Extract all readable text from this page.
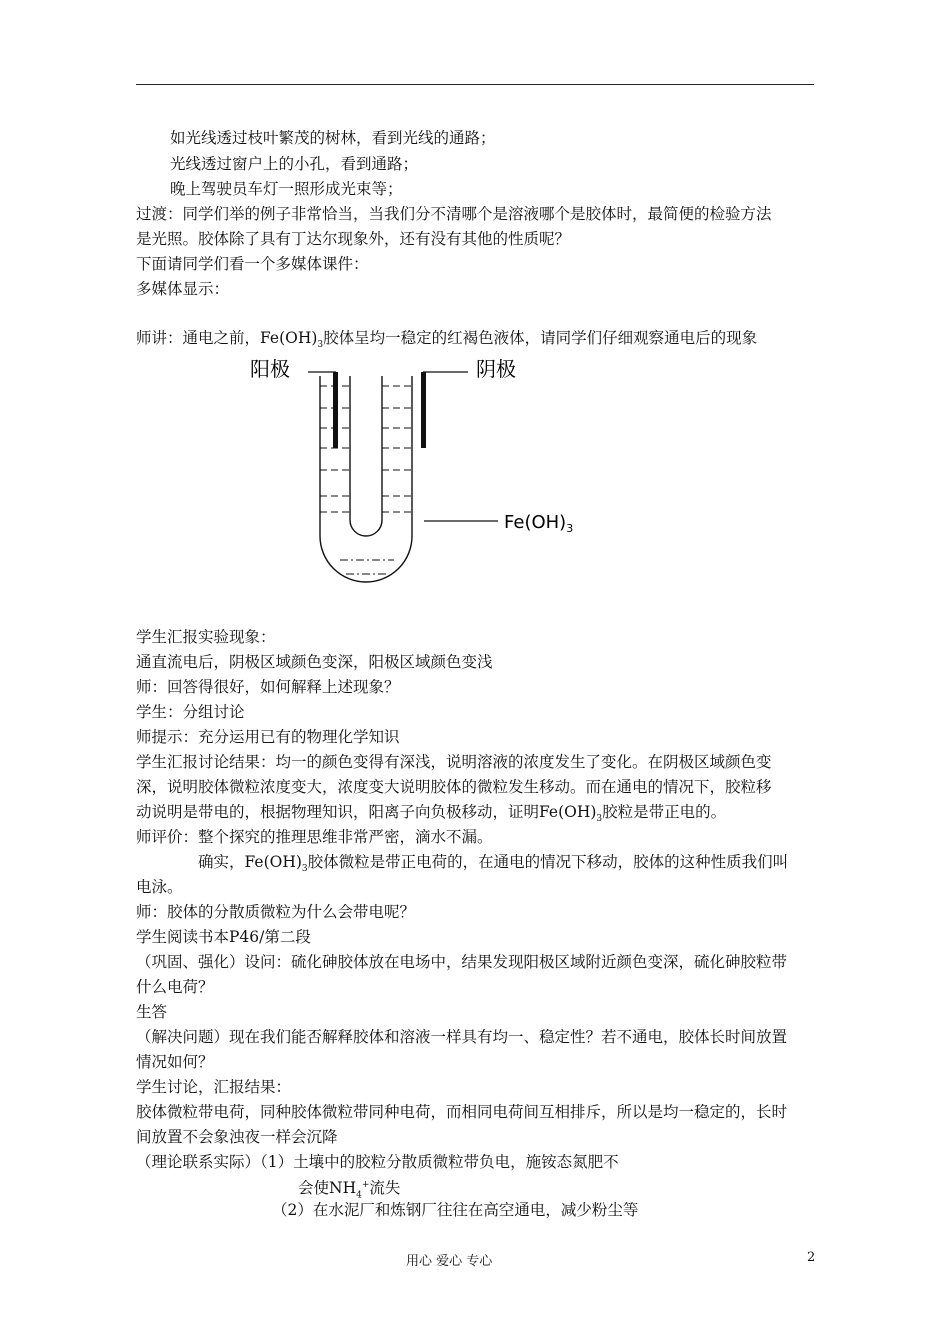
如光线透过枝叶繁茂的树林，看到光线的通路；
光线透过窗户上的小孔，看到通路；
晚上驾驶员车灯一照形成光束等；
过渡：同学们举的例子非常恰当，当我们分不清哪个是溶液哪个是胶体时，最简便的检验方法
是光照。胶体除了具有丁达尔现象外，还有没有其他的性质呢？
下面请同学们看一个多媒体课件：
多媒体显示：
师讲：通电之前，$Fe(OH)_3$胶体呈均一稳定的红褐色液体，请同学们仔细观察通电后的现象
阳极	阴极
$Fe(OH)_3$
学生汇报实验现象：
通直流电后，阴极区域颜色变深，阳极区域颜色变浅
师：回答得很好，如何解释上述现象？
学生：分组讨论
师提示：充分运用已有的物理化学知识
学生汇报讨论结果：均一的颜色变得有深浅，说明溶液的浓度发生了变化。在阴极区域颜色变
深，说明胶体微粒浓度变大，浓度变大说明胶体的微粒发生移动。而在通电的情况下，胶粒移
动说明是带电的，根据物理知识，阳离子向负极移动，证明$Fe(OH)_3$胶粒是带正电的。
师评价：整个探究的推理思维非常严密，滴水不漏。
确实，$Fe(OH)_3$胶体微粒是带正电荷的，在通电的情况下移动，胶体的这种性质我们叫
电泳。
师：胶体的分散质微粒为什么会带电呢？
学生阅读书本P46/第二段
（巩固、强化）设问：硫化砷胶体放在电场中，结果发现阳极区域附近颜色变深，硫化砷胶粒带
什么电荷？
生答
（解决问题）现在我们能否解释胶体和溶液一样具有均一、稳定性？若不通电，胶体长时间放置
情况如何？
学生讨论，汇报结果：
胶体微粒带电荷，同种胶体微粒带同种电荷，而相同电荷间互相排斥，所以是均一稳定的，长时
间放置不会象浊夜一样会沉降
（理论联系实际）（1）土壤中的胶粒分散质微粒带负电，施铵态氮肥不
会使$NH_4^+$流失
（2）在水泥厂和炼钢厂往往在高空通电，减少粉尘等
用心 爱心 专心	2
